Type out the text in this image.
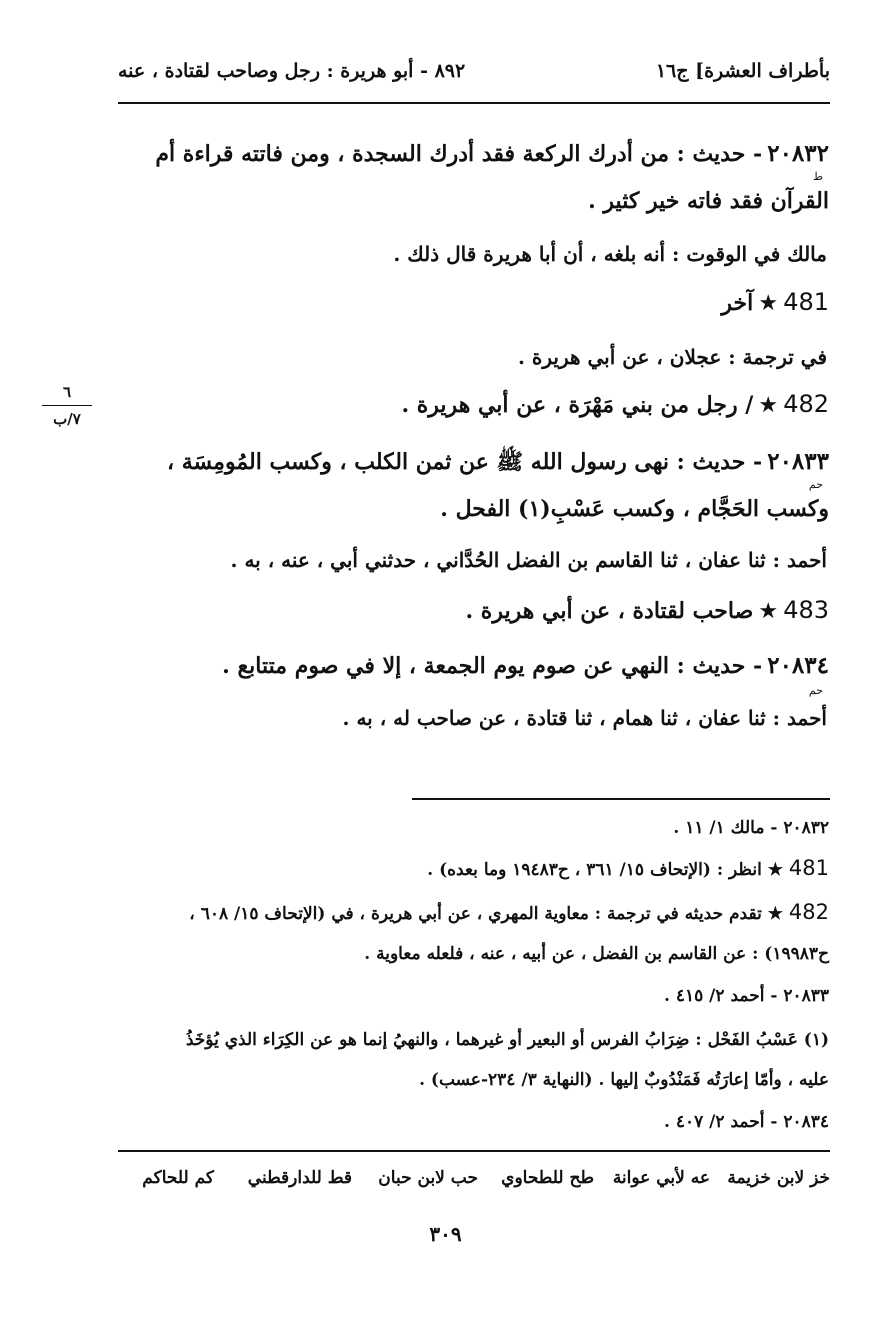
بأطراف العشرة] ج١٦
٨٩٢ - أبو هريرة : رجل وصاحب لقتادة ، عنه
٦
٧/ب
٢٠٨٣٢ - حديث : من أدرك الركعة فقد أدرك السجدة ، ومن فاتته قراءة أم
ط
القرآن فقد فاته خير كثير .
مالك في الوقوت : أنه بلغه ، أن أبا هريرة قال ذلك .
481 ★ آخر
في ترجمة : عجلان ، عن أبي هريرة .
482 ★ / رجل من بني مَهْرَة ، عن أبي هريرة .
٢٠٨٣٣ - حديث : نهى رسول الله ﷺ عن ثمن الكلب ، وكسب المُومِسَة ،
حم
وكسب الحَجَّام ، وكسب عَسْبِ(١) الفحل .
أحمد : ثنا عفان ، ثنا القاسم بن الفضل الحُدَّاني ، حدثني أبي ، عنه ، به .
483 ★ صاحب لقتادة ، عن أبي هريرة .
٢٠٨٣٤ - حديث : النهي عن صوم يوم الجمعة ، إلا في صوم متتابع .
حم
أحمد : ثنا عفان ، ثنا همام ، ثنا قتادة ، عن صاحب له ، به .
٢٠٨٣٢ - مالك ١/ ١١ .
481 ★ انظر : (الإتحاف ١٥/ ٣٦١ ، ح١٩٤٨٣ وما بعده) .
482 ★ تقدم حديثه في ترجمة : معاوية المهري ، عن أبي هريرة ، في (الإتحاف ١٥/ ٦٠٨ ،
ح١٩٩٨٣) : عن القاسم بن الفضل ، عن أبيه ، عنه ، فلعله معاوية .
٢٠٨٣٣ - أحمد ٢/ ٤١٥ .
(١) عَسْبُ الفَحْل : ضِرَابُ الفرس أو البعير أو غيرهما ، والنهيُ إنما هو عن الكِرَاء الذي يُؤخَذُ
عليه ، وأمّا إعارَتُه فَمَنْدُوبٌ إليها . (النهاية ٣/ ٢٣٤-عسب) .
٢٠٨٣٤ - أحمد ٢/ ٤٠٧ .
خز لابن خزيمة
عه لأبي عوانة
طح للطحاوي
حب لابن حبان
قط للدارقطني
كم للحاكم
٣٠٩
